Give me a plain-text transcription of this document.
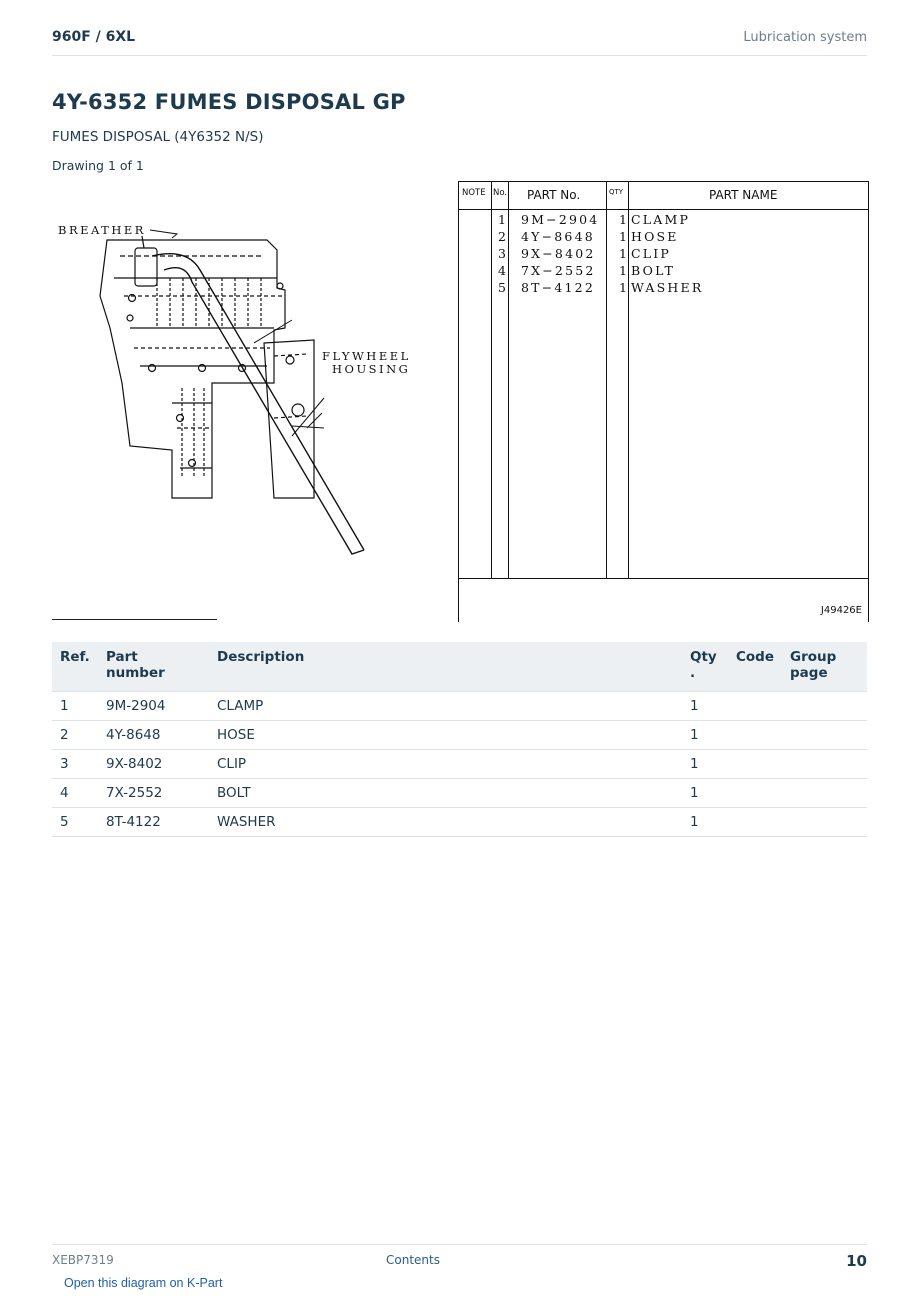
960F / 6XL	Lubrication system
4Y-6352 FUMES DISPOSAL GP
FUMES DISPOSAL (4Y6352 N/S)
Drawing 1 of 1
BREATHER
FLYWHEEL
HOUSING
NOTE No. PART No.	QTY	PART NAME
1 9M−2904 1 CLAMP
2 4Y−8648 1 HOSE
3 9X−8402 1 CLIP
4 7X−2552 1 BOLT
5 8T−4122 1 WASHER
J49426E
Ref.	Part number	Description	Qty .	Code	Group page
1	9M-2904	CLAMP	1		
2	4Y-8648	HOSE	1		
3	9X-8402	CLIP	1		
4	7X-2552	BOLT	1		
5	8T-4122	WASHER	1		
XEBP7319	Contents	10
Open this diagram on K-Part
